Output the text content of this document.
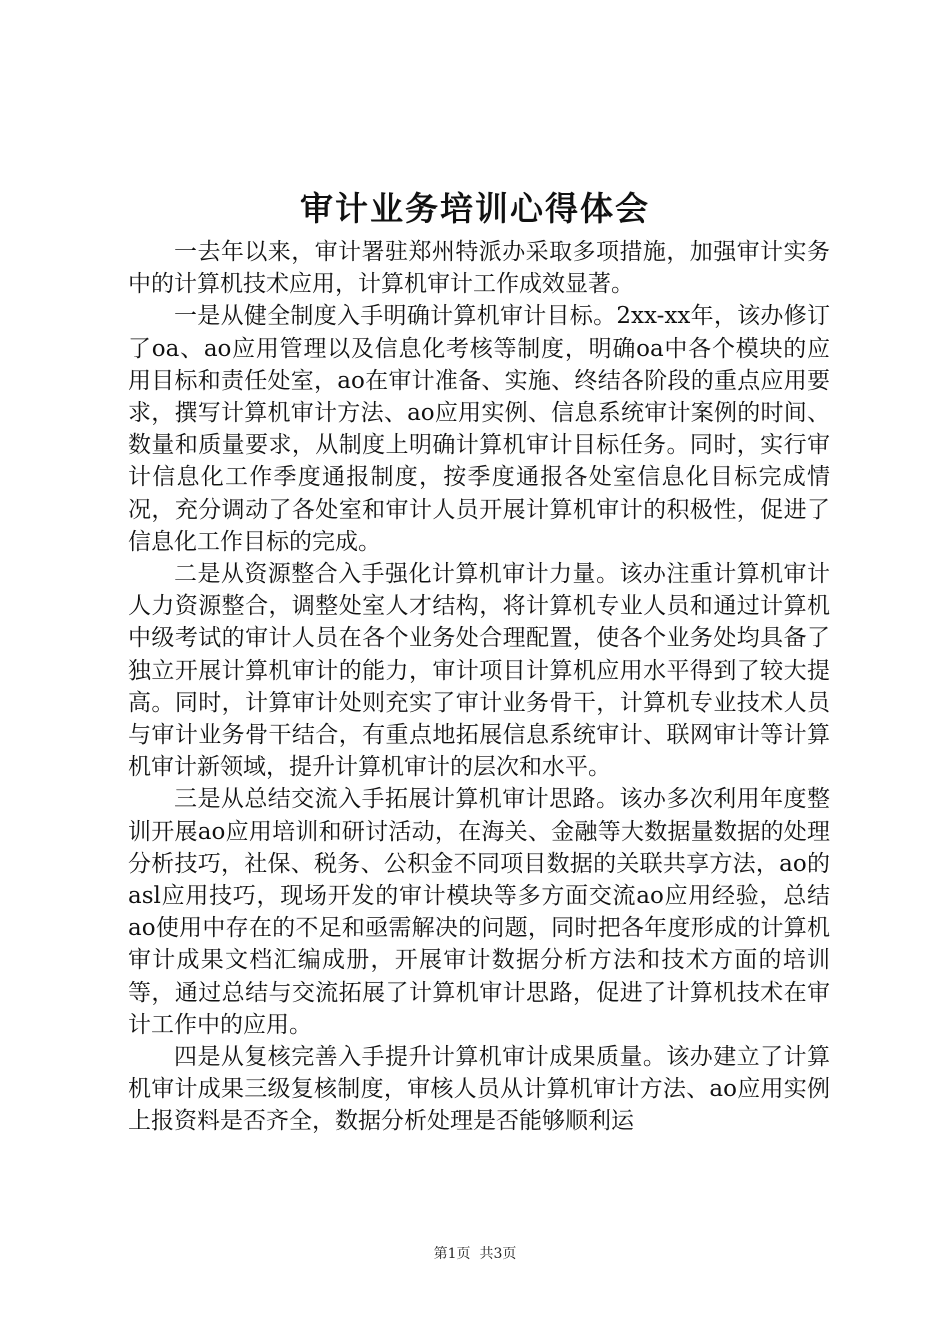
审计业务培训心得体会

一去年以来，审计署驻郑州特派办采取多项措施，加强审计实务中的计算机技术应用，计算机审计工作成效显著。

一是从健全制度入手明确计算机审计目标。2xx-xx年，该办修订了oa、ao应用管理以及信息化考核等制度，明确oa中各个模块的应用目标和责任处室，ao在审计准备、实施、终结各阶段的重点应用要求，撰写计算机审计方法、ao应用实例、信息系统审计案例的时间、数量和质量要求，从制度上明确计算机审计目标任务。同时，实行审计信息化工作季度通报制度，按季度通报各处室信息化目标完成情况，充分调动了各处室和审计人员开展计算机审计的积极性，促进了信息化工作目标的完成。

二是从资源整合入手强化计算机审计力量。该办注重计算机审计人力资源整合，调整处室人才结构，将计算机专业人员和通过计算机中级考试的审计人员在各个业务处合理配置，使各个业务处均具备了独立开展计算机审计的能力，审计项目计算机应用水平得到了较大提高。同时，计算审计处则充实了审计业务骨干，计算机专业技术人员与审计业务骨干结合，有重点地拓展信息系统审计、联网审计等计算机审计新领域，提升计算机审计的层次和水平。

三是从总结交流入手拓展计算机审计思路。该办多次利用年度整训开展ao应用培训和研讨活动，在海关、金融等大数据量数据的处理分析技巧，社保、税务、公积金不同项目数据的关联共享方法，ao的asl应用技巧，现场开发的审计模块等多方面交流ao应用经验，总结ao使用中存在的不足和亟需解决的问题，同时把各年度形成的计算机审计成果文档汇编成册，开展审计数据分析方法和技术方面的培训等，通过总结与交流拓展了计算机审计思路，促进了计算机技术在审计工作中的应用。

四是从复核完善入手提升计算机审计成果质量。该办建立了计算机审计成果三级复核制度，审核人员从计算机审计方法、ao应用实例上报资料是否齐全，数据分析处理是否能够顺利运

第1页 共3页
